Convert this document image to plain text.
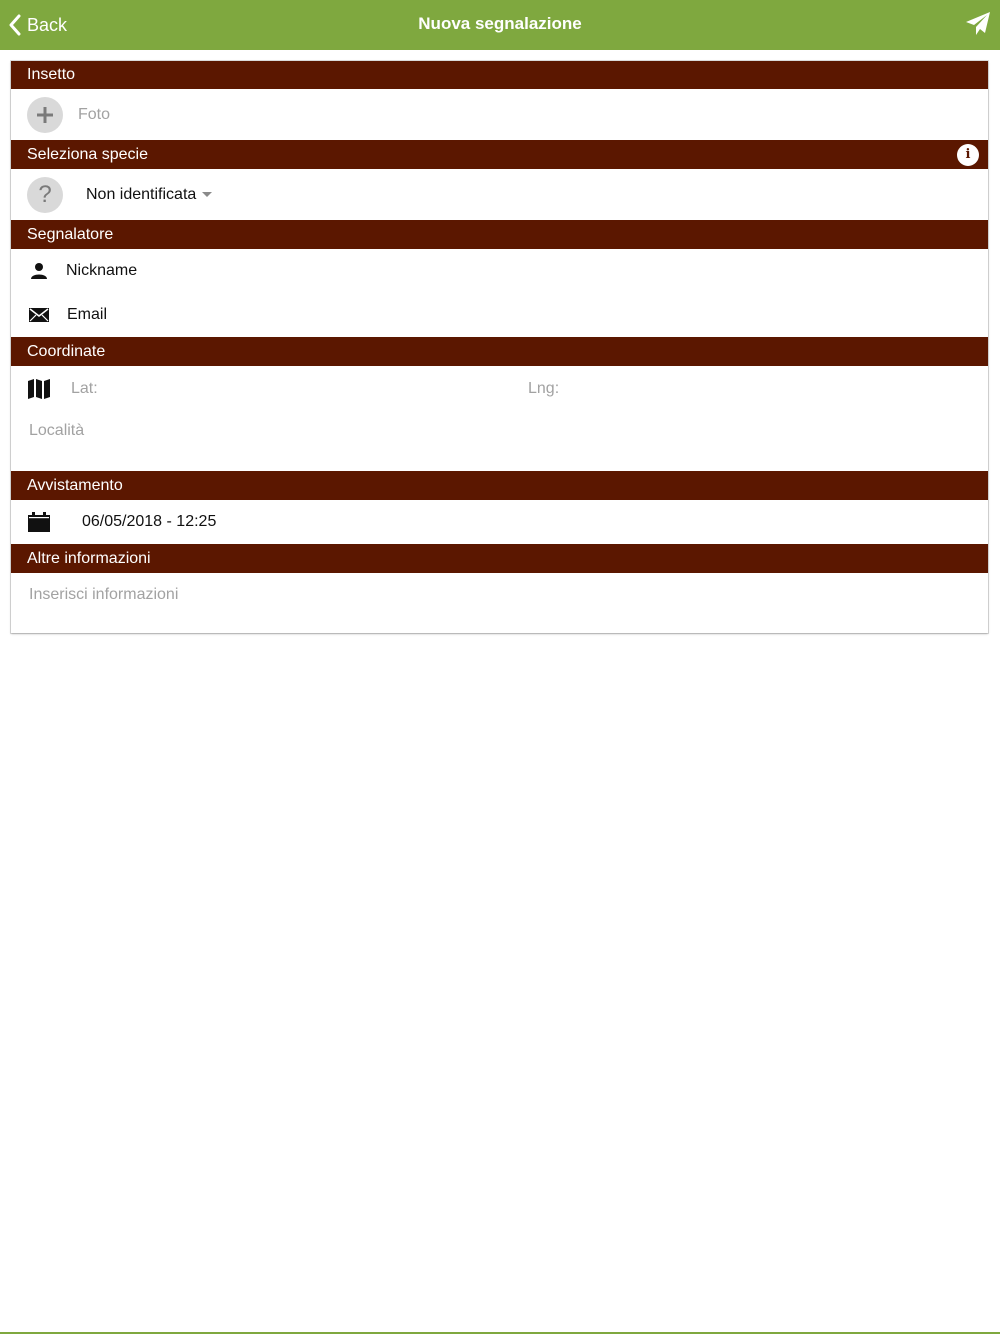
Back	Nuova segnalazione
Insetto
Foto
Seleziona specie	i
?	Non identificata
Segnalatore
Nickname
Email
Coordinate
Lat:	Lng:
Località
Avvistamento
06/05/2018 - 12:25
Altre informazioni
Inserisci informazioni
